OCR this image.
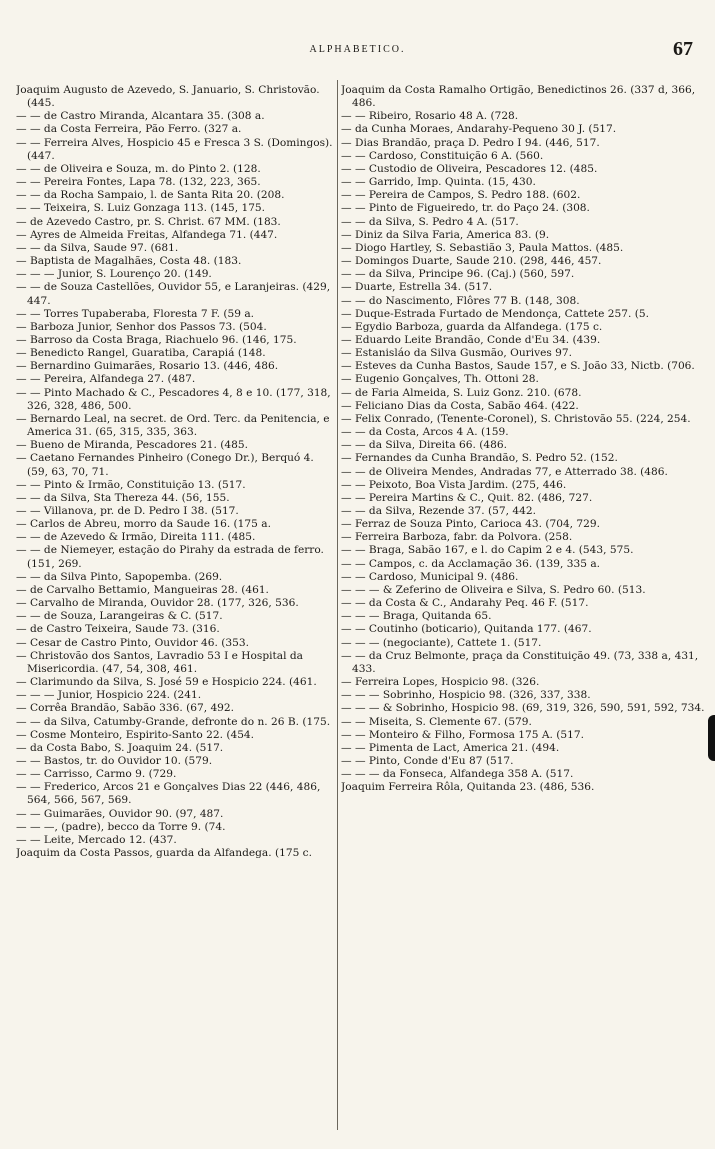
ALPHABETICO.	67

Joaquim Augusto de Azevedo, S. Januario, S. Christovão. (445.

— — de Castro Miranda, Alcantara 35. (308 a.

— — da Costa Ferreira, Pão Ferro. (327 a.

— — Ferreira Alves, Hospicio 45 e Fresca 3 S. (Domingos). (447.

— — de Oliveira e Souza, m. do Pinto 2. (128.

— — Pereira Fontes, Lapa 78. (132, 223, 365.

— — da Rocha Sampaio, l. de Santa Rita 20. (208.

— — Teixeira, S. Luiz Gonzaga 113. (145, 175.

— de Azevedo Castro, pr. S. Christ. 67 MM. (183.

— Ayres de Almeida Freitas, Alfandega 71. (447.

— — da Silva, Saude 97. (681.

— Baptista de Magalhães, Costa 48. (183.

— — — Junior, S. Lourenço 20. (149.

— — de Souza Castellões, Ouvidor 55, e Laranjeiras. (429, 447.

— — Torres Tupaberaba, Floresta 7 F. (59 a.

— Barboza Junior, Senhor dos Passos 73. (504.

— Barroso da Costa Braga, Riachuelo 96. (146, 175.

— Benedicto Rangel, Guaratiba, Carapiá (148.

— Bernardino Guimarães, Rosario 13. (446, 486.

— — Pereira, Alfandega 27. (487.

— — Pinto Machado & C., Pescadores 4, 8 e 10. (177, 318, 326, 328, 486, 500.

— Bernardo Leal, na secret. de Ord. Terc. da Penitencia, e America 31. (65, 315, 335, 363.

— Bueno de Miranda, Pescadores 21. (485.

— Caetano Fernandes Pinheiro (Conego Dr.), Berquó 4. (59, 63, 70, 71.

— — Pinto & Irmão, Constituição 13. (517.

— — da Silva, Sta Thereza 44. (56, 155.

— — Villanova, pr. de D. Pedro I 38. (517.

— Carlos de Abreu, morro da Saude 16. (175 a.

— — de Azevedo & Irmão, Direita 111. (485.

— — de Niemeyer, estação do Pirahy da estrada de ferro. (151, 269.

— — da Silva Pinto, Sapopemba. (269.

— de Carvalho Bettamio, Mangueiras 28. (461.

— Carvalho de Miranda, Ouvidor 28. (177, 326, 536.

— — de Souza, Larangeiras & C. (517.

— de Castro Teixeira, Saude 73. (316.

— Cesar de Castro Pinto, Ouvidor 46. (353.

— Christovão dos Santos, Lavradio 53 I e Hospital da Misericordia. (47, 54, 308, 461.

— Clarimundo da Silva, S. José 59 e Hospicio 224. (461.

— — — Junior, Hospicio 224. (241.

— Corrêa Brandão, Sabão 336. (67, 492.

— — da Silva, Catumby-Grande, defronte do n. 26 B. (175.

— Cosme Monteiro, Espirito-Santo 22. (454.

— da Costa Babo, S. Joaquim 24. (517.

— — Bastos, tr. do Ouvidor 10. (579.

— — Carrisso, Carmo 9. (729.

— — Frederico, Arcos 21 e Gonçalves Dias 22 (446, 486, 564, 566, 567, 569.

— — Guimarães, Ouvidor 90. (97, 487.

— — —, (padre), becco da Torre 9. (74.

— — Leite, Mercado 12. (437.

Joaquim da Costa Passos, guarda da Alfandega. (175 c.

Joaquim da Costa Ramalho Ortigão, Benedictinos 26. (337 d, 366, 486.

— — Ribeiro, Rosario 48 A. (728.

— da Cunha Moraes, Andarahy-Pequeno 30 J. (517.

— Dias Brandão, praça D. Pedro I 94. (446, 517.

— — Cardoso, Constituição 6 A. (560.

— — Custodio de Oliveira, Pescadores 12. (485.

— — Garrido, Imp. Quinta. (15, 430.

— — Pereira de Campos, S. Pedro 188. (602.

— — Pinto de Figueiredo, tr. do Paço 24. (308.

— — da Silva, S. Pedro 4 A. (517.

— Diniz da Silva Faria, America 83. (9.

— Diogo Hartley, S. Sebastião 3, Paula Mattos. (485.

— Domingos Duarte, Saude 210. (298, 446, 457.

— — da Silva, Principe 96. (Caj.) (560, 597.

— Duarte, Estrella 34. (517.

— — do Nascimento, Flôres 77 B. (148, 308.

— Duque-Estrada Furtado de Mendonça, Cattete 257. (5.

— Egydio Barboza, guarda da Alfandega. (175 c.

— Eduardo Leite Brandão, Conde d'Eu 34. (439.

— Estanisláo da Silva Gusmão, Ourives 97.

— Esteves da Cunha Bastos, Saude 157, e S. João 33, Nictb. (706.

— Eugenio Gonçalves, Th. Ottoni 28.

— de Faria Almeida, S. Luiz Gonz. 210. (678.

— Feliciano Dias da Costa, Sabão 464. (422.

— Felix Conrado, (Tenente-Coronel), S. Christovão 55. (224, 254.

— — da Costa, Arcos 4 A. (159.

— — da Silva, Direita 66. (486.

— Fernandes da Cunha Brandão, S. Pedro 52. (152.

— — de Oliveira Mendes, Andradas 77, e Atterrado 38. (486.

— — Peixoto, Boa Vista Jardim. (275, 446.

— — Pereira Martins & C., Quit. 82. (486, 727.

— — da Silva, Rezende 37. (57, 442.

— Ferraz de Souza Pinto, Carioca 43. (704, 729.

— Ferreira Barboza, fabr. da Polvora. (258.

— — Braga, Sabão 167, e l. do Capim 2 e 4. (543, 575.

— — Campos, c. da Acclamação 36. (139, 335 a.

— — Cardoso, Municipal 9. (486.

— — — & Zeferino de Oliveira e Silva, S. Pedro 60. (513.

— — da Costa & C., Andarahy Peq. 46 F. (517.

— — — Braga, Quitanda 65.

— — Coutinho (boticario), Quitanda 177. (467.

— — — (negociante), Cattete 1. (517.

— — da Cruz Belmonte, praça da Constituição 49. (73, 338 a, 431, 433.

— Ferreira Lopes, Hospicio 98. (326.

— — — Sobrinho, Hospicio 98. (326, 337, 338.

— — — & Sobrinho, Hospicio 98. (69, 319, 326, 590, 591, 592, 734.

— — Miseita, S. Clemente 67. (579.

— — Monteiro & Filho, Formosa 175 A. (517.

— — Pimenta de Lact, America 21. (494.

— — Pinto, Conde d'Eu 87 (517.

— — — da Fonseca, Alfandega 358 A. (517.

Joaquim Ferreira Rôla, Quitanda 23. (486, 536.
